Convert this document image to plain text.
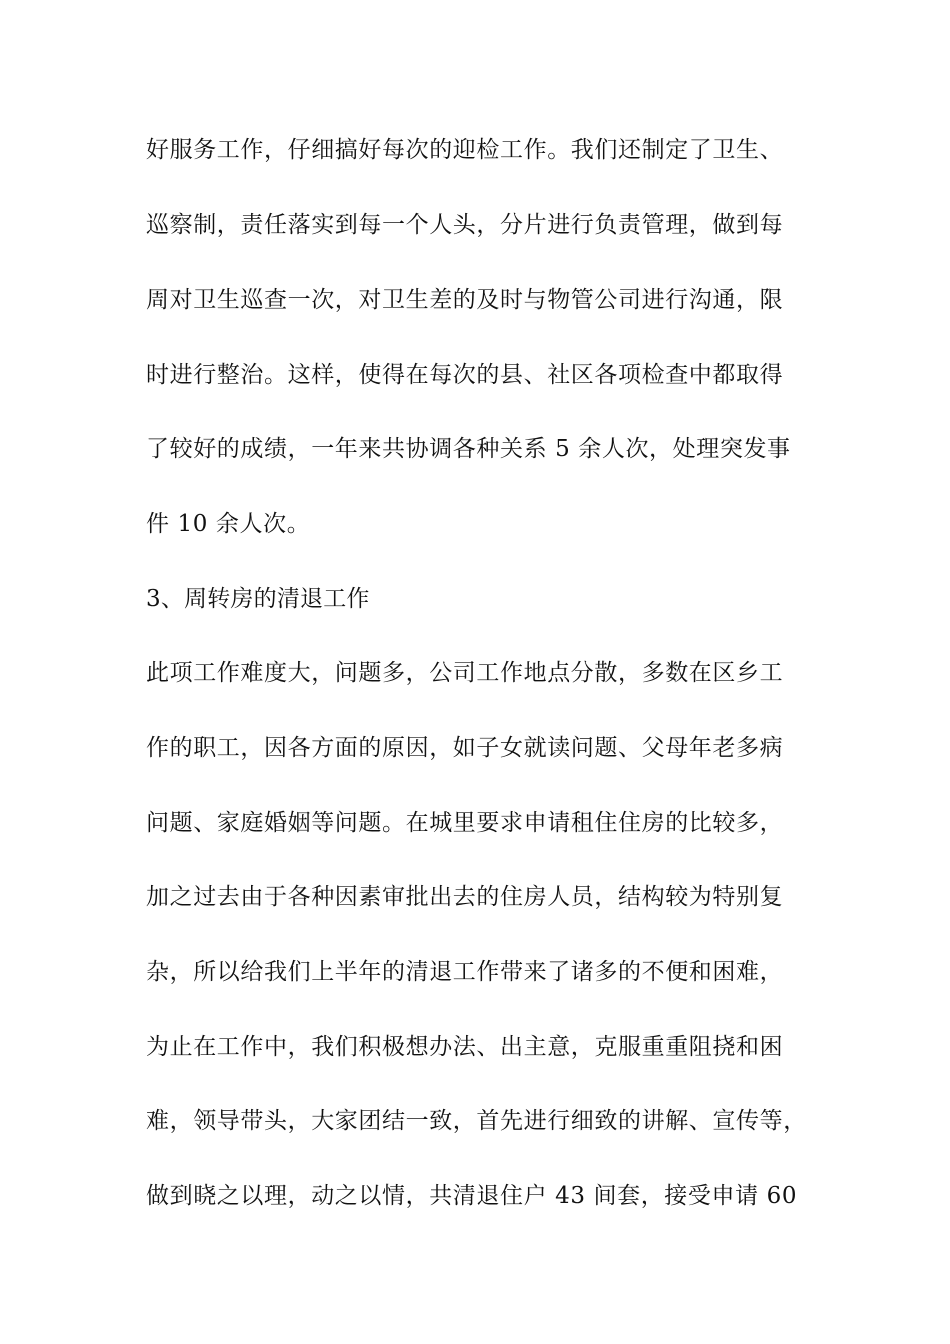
好服务工作，仔细搞好每次的迎检工作。我们还制定了卫生、
巡察制，责任落实到每一个人头，分片进行负责管理，做到每
周对卫生巡查一次，对卫生差的及时与物管公司进行沟通，限
时进行整治。这样，使得在每次的县、社区各项检查中都取得
了较好的成绩，一年来共协调各种关系 5 余人次，处理突发事
件 10 余人次。
3、周转房的清退工作
此项工作难度大，问题多，公司工作地点分散，多数在区乡工
作的职工，因各方面的原因，如子女就读问题、父母年老多病
问题、家庭婚姻等问题。在城里要求申请租住住房的比较多，
加之过去由于各种因素审批出去的住房人员，结构较为特别复
杂，所以给我们上半年的清退工作带来了诸多的不便和困难，
为止在工作中，我们积极想办法、出主意，克服重重阻挠和困
难，领导带头，大家团结一致，首先进行细致的讲解、宣传等，
做到晓之以理，动之以情，共清退住户 43 间套，接受申请 60
